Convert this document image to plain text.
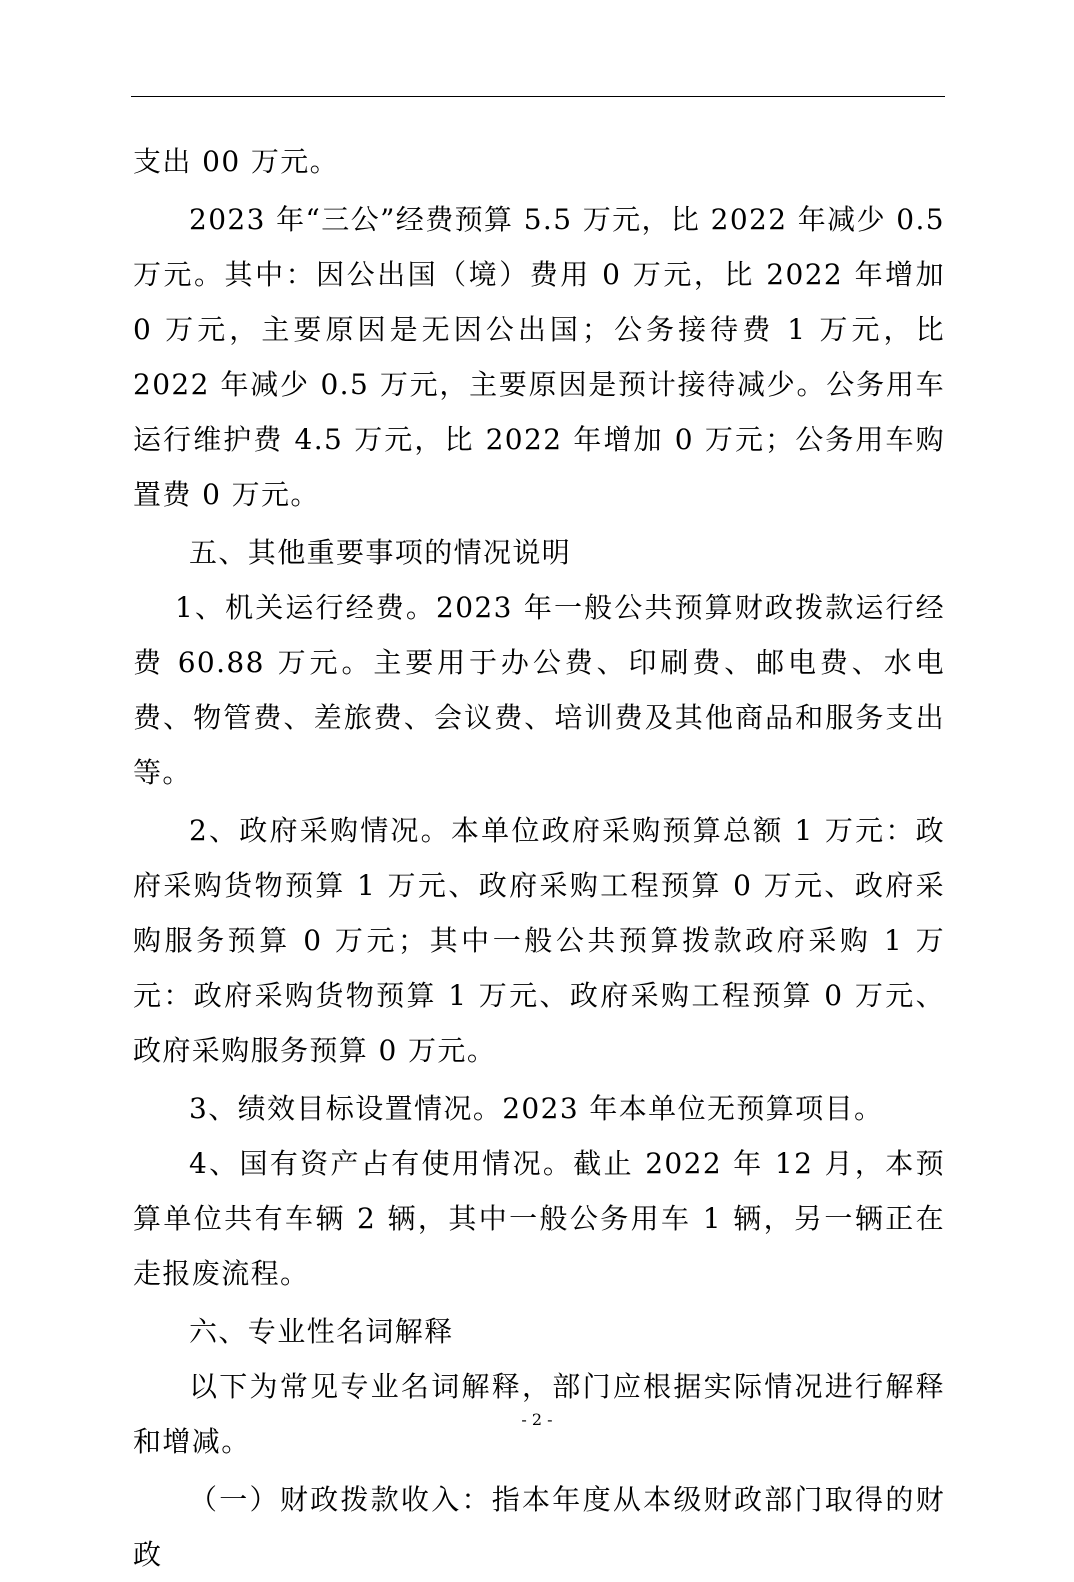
支出 00 万元。

2023 年“三公”经费预算 5.5 万元，比 2022 年减少 0.5 万元。其中：因公出国（境）费用 0 万元，比 2022 年增加 0 万元，主要原因是无因公出国；公务接待费 1 万元，比 2022 年减少 0.5 万元，主要原因是预计接待减少。公务用车运行维护费 4.5 万元，比 2022 年增加 0 万元；公务用车购置费 0 万元。

五、其他重要事项的情况说明

1、机关运行经费。2023 年一般公共预算财政拨款运行经费 60.88 万元。主要用于办公费、印刷费、邮电费、水电费、物管费、差旅费、会议费、培训费及其他商品和服务支出等。

2、政府采购情况。本单位政府采购预算总额 1 万元：政府采购货物预算 1 万元、政府采购工程预算 0 万元、政府采购服务预算 0 万元；其中一般公共预算拨款政府采购 1 万元：政府采购货物预算 1 万元、政府采购工程预算 0 万元、政府采购服务预算 0 万元。

3、绩效目标设置情况。2023 年本单位无预算项目。

4、国有资产占有使用情况。截止 2022 年 12 月，本预算单位共有车辆 2 辆，其中一般公务用车 1 辆，另一辆正在走报废流程。

六、专业性名词解释

以下为常见专业名词解释，部门应根据实际情况进行解释和增减。

（一）财政拨款收入：指本年度从本级财政部门取得的财政

- 2 -
